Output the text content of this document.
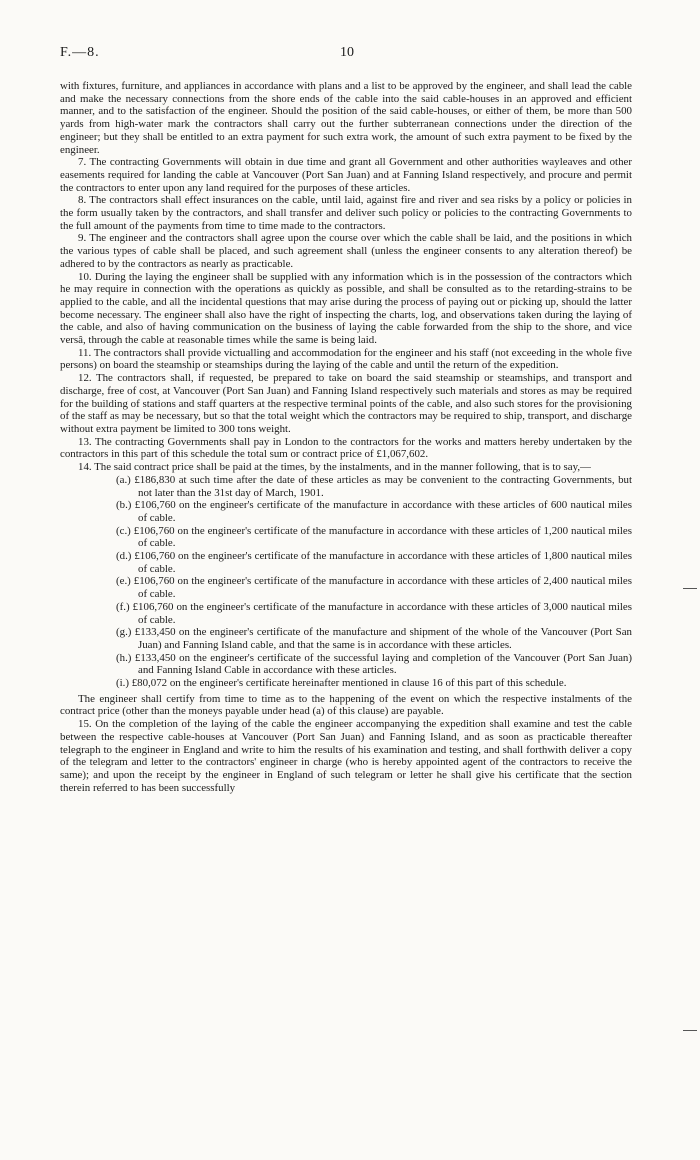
F.—8.	10

with fixtures, furniture, and appliances in accordance with plans and a list to be approved by the engineer, and shall lead the cable and make the necessary connections from the shore ends of the cable into the said cable-houses in an approved and efficient manner, and to the satisfaction of the engineer. Should the position of the said cable-houses, or either of them, be more than 500 yards from high-water mark the contractors shall carry out the further subterranean connections under the direction of the engineer; but they shall be entitled to an extra payment for such extra work, the amount of such extra payment to be fixed by the engineer.

7. The contracting Governments will obtain in due time and grant all Government and other authorities wayleaves and other easements required for landing the cable at Vancouver (Port San Juan) and at Fanning Island respectively, and procure and permit the contractors to enter upon any land required for the purposes of these articles.

8. The contractors shall effect insurances on the cable, until laid, against fire and river and sea risks by a policy or policies in the form usually taken by the contractors, and shall transfer and deliver such policy or policies to the contracting Governments to the full amount of the payments from time to time made to the contractors.

9. The engineer and the contractors shall agree upon the course over which the cable shall be laid, and the positions in which the various types of cable shall be placed, and such agreement shall (unless the engineer consents to any alteration thereof) be adhered to by the contractors as nearly as practicable.

10. During the laying the engineer shall be supplied with any information which is in the possession of the contractors which he may require in connection with the operations as quickly as possible, and shall be consulted as to the retarding-strains to be applied to the cable, and all the incidental questions that may arise during the process of paying out or picking up, should the latter become necessary. The engineer shall also have the right of inspecting the charts, log, and observations taken during the laying of the cable, and also of having communication on the business of laying the cable forwarded from the ship to the shore, and vice versâ, through the cable at reasonable times while the same is being laid.

11. The contractors shall provide victualling and accommodation for the engineer and his staff (not exceeding in the whole five persons) on board the steamship or steamships during the laying of the cable and until the return of the expedition.

12. The contractors shall, if requested, be prepared to take on board the said steamship or steamships, and transport and discharge, free of cost, at Vancouver (Port San Juan) and Fanning Island respectively such materials and stores as may be required for the building of stations and staff quarters at the respective terminal points of the cable, and also such stores for the provisioning of the staff as may be necessary, but so that the total weight which the contractors may be required to ship, transport, and discharge without extra payment be limited to 300 tons weight.

13. The contracting Governments shall pay in London to the contractors for the works and matters hereby undertaken by the contractors in this part of this schedule the total sum or contract price of £1,067,602.

14. The said contract price shall be paid at the times, by the instalments, and in the manner following, that is to say,—

(a.) £186,830 at such time after the date of these articles as may be convenient to the contracting Governments, but not later than the 31st day of March, 1901.

(b.) £106,760 on the engineer's certificate of the manufacture in accordance with these articles of 600 nautical miles of cable.

(c.) £106,760 on the engineer's certificate of the manufacture in accordance with these articles of 1,200 nautical miles of cable.

(d.) £106,760 on the engineer's certificate of the manufacture in accordance with these articles of 1,800 nautical miles of cable.

(e.) £106,760 on the engineer's certificate of the manufacture in accordance with these articles of 2,400 nautical miles of cable.

(f.) £106,760 on the engineer's certificate of the manufacture in accordance with these articles of 3,000 nautical miles of cable.

(g.) £133,450 on the engineer's certificate of the manufacture and shipment of the whole of the Vancouver (Port San Juan) and Fanning Island cable, and that the same is in accordance with these articles.

(h.) £133,450 on the engineer's certificate of the successful laying and completion of the Vancouver (Port San Juan) and Fanning Island Cable in accordance with these articles.

(i.) £80,072 on the engineer's certificate hereinafter mentioned in clause 16 of this part of this schedule.

The engineer shall certify from time to time as to the happening of the event on which the respective instalments of the contract price (other than the moneys payable under head (a) of this clause) are payable.

15. On the completion of the laying of the cable the engineer accompanying the expedition shall examine and test the cable between the respective cable-houses at Vancouver (Port San Juan) and Fanning Island, and as soon as practicable thereafter telegraph to the engineer in England and write to him the results of his examination and testing, and shall forthwith deliver a copy of the telegram and letter to the contractors' engineer in charge (who is hereby appointed agent of the contractors to receive the same); and upon the receipt by the engineer in England of such telegram or letter he shall give his certificate that the section therein referred to has been successfully
